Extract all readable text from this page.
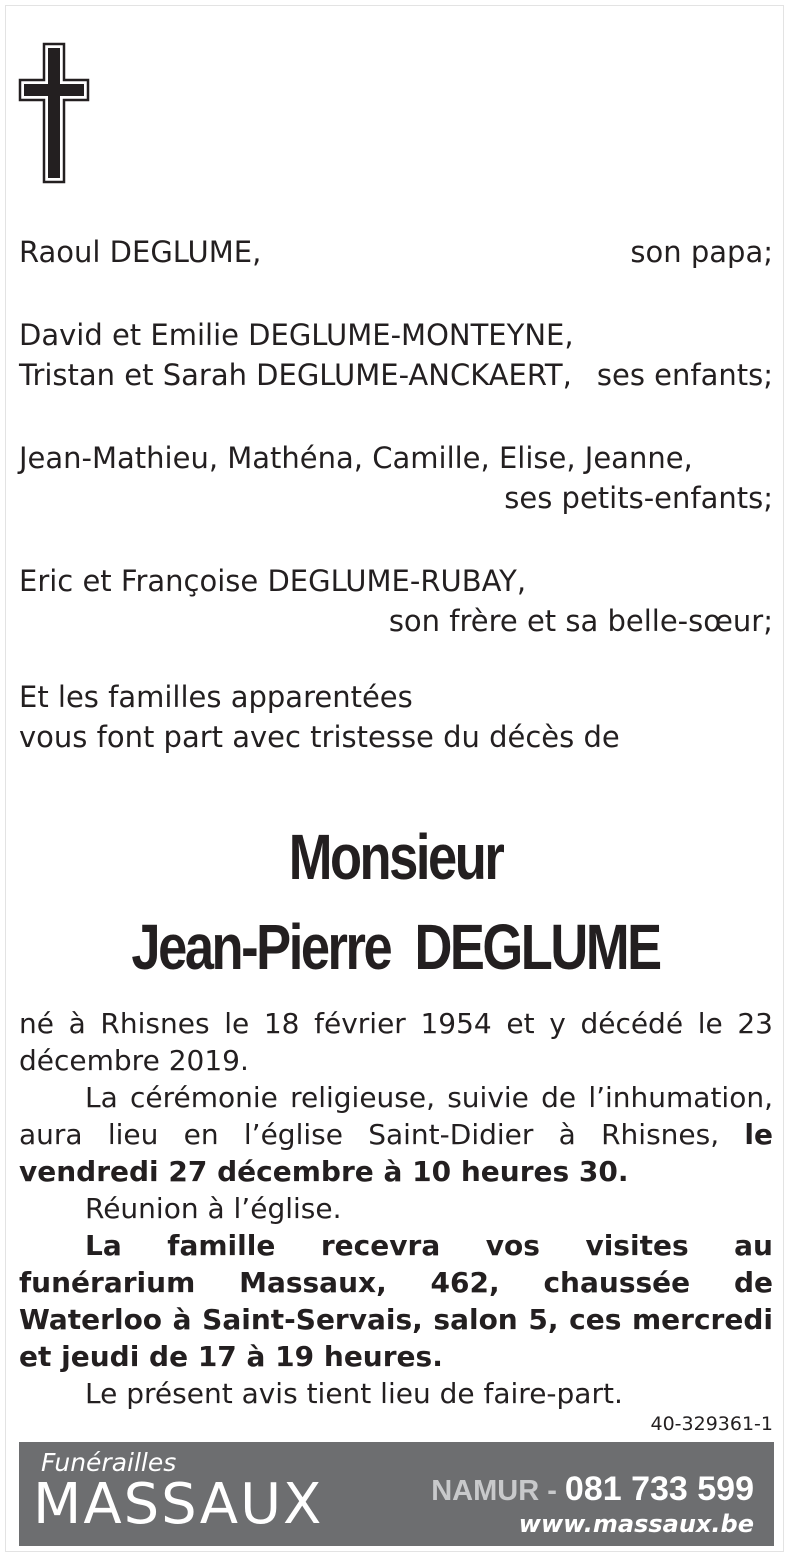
Raoul DEGLUME,	son papa;
David et Emilie DEGLUME-MONTEYNE,
Tristan et Sarah DEGLUME-ANCKAERT, ses enfants;
Jean-Mathieu, Mathéna, Camille, Elise, Jeanne,
ses petits-enfants;
Eric et Françoise DEGLUME-RUBAY,
son frère et sa belle-sœur;
Et les familles apparentées
vous font part avec tristesse du décès de
Monsieur
Jean-Pierre  DEGLUME

né à Rhisnes le 18 février 1954 et y décédé le 23 décembre 2019.

La cérémonie religieuse, suivie de l’inhumation, aura lieu en l’église Saint-Didier à Rhisnes, le vendredi 27 décembre à 10 heures 30.

Réunion à l’église.

La famille recevra vos visites au funérarium Massaux, 462, chaussée de Waterloo à Saint-Servais, salon 5, ces mercredi et jeudi de 17 à 19 heures.

Le présent avis tient lieu de faire-part.

40-329361-1
Funérailles
MASSAUX	NAMUR - 081 733 599
www.massaux.be
